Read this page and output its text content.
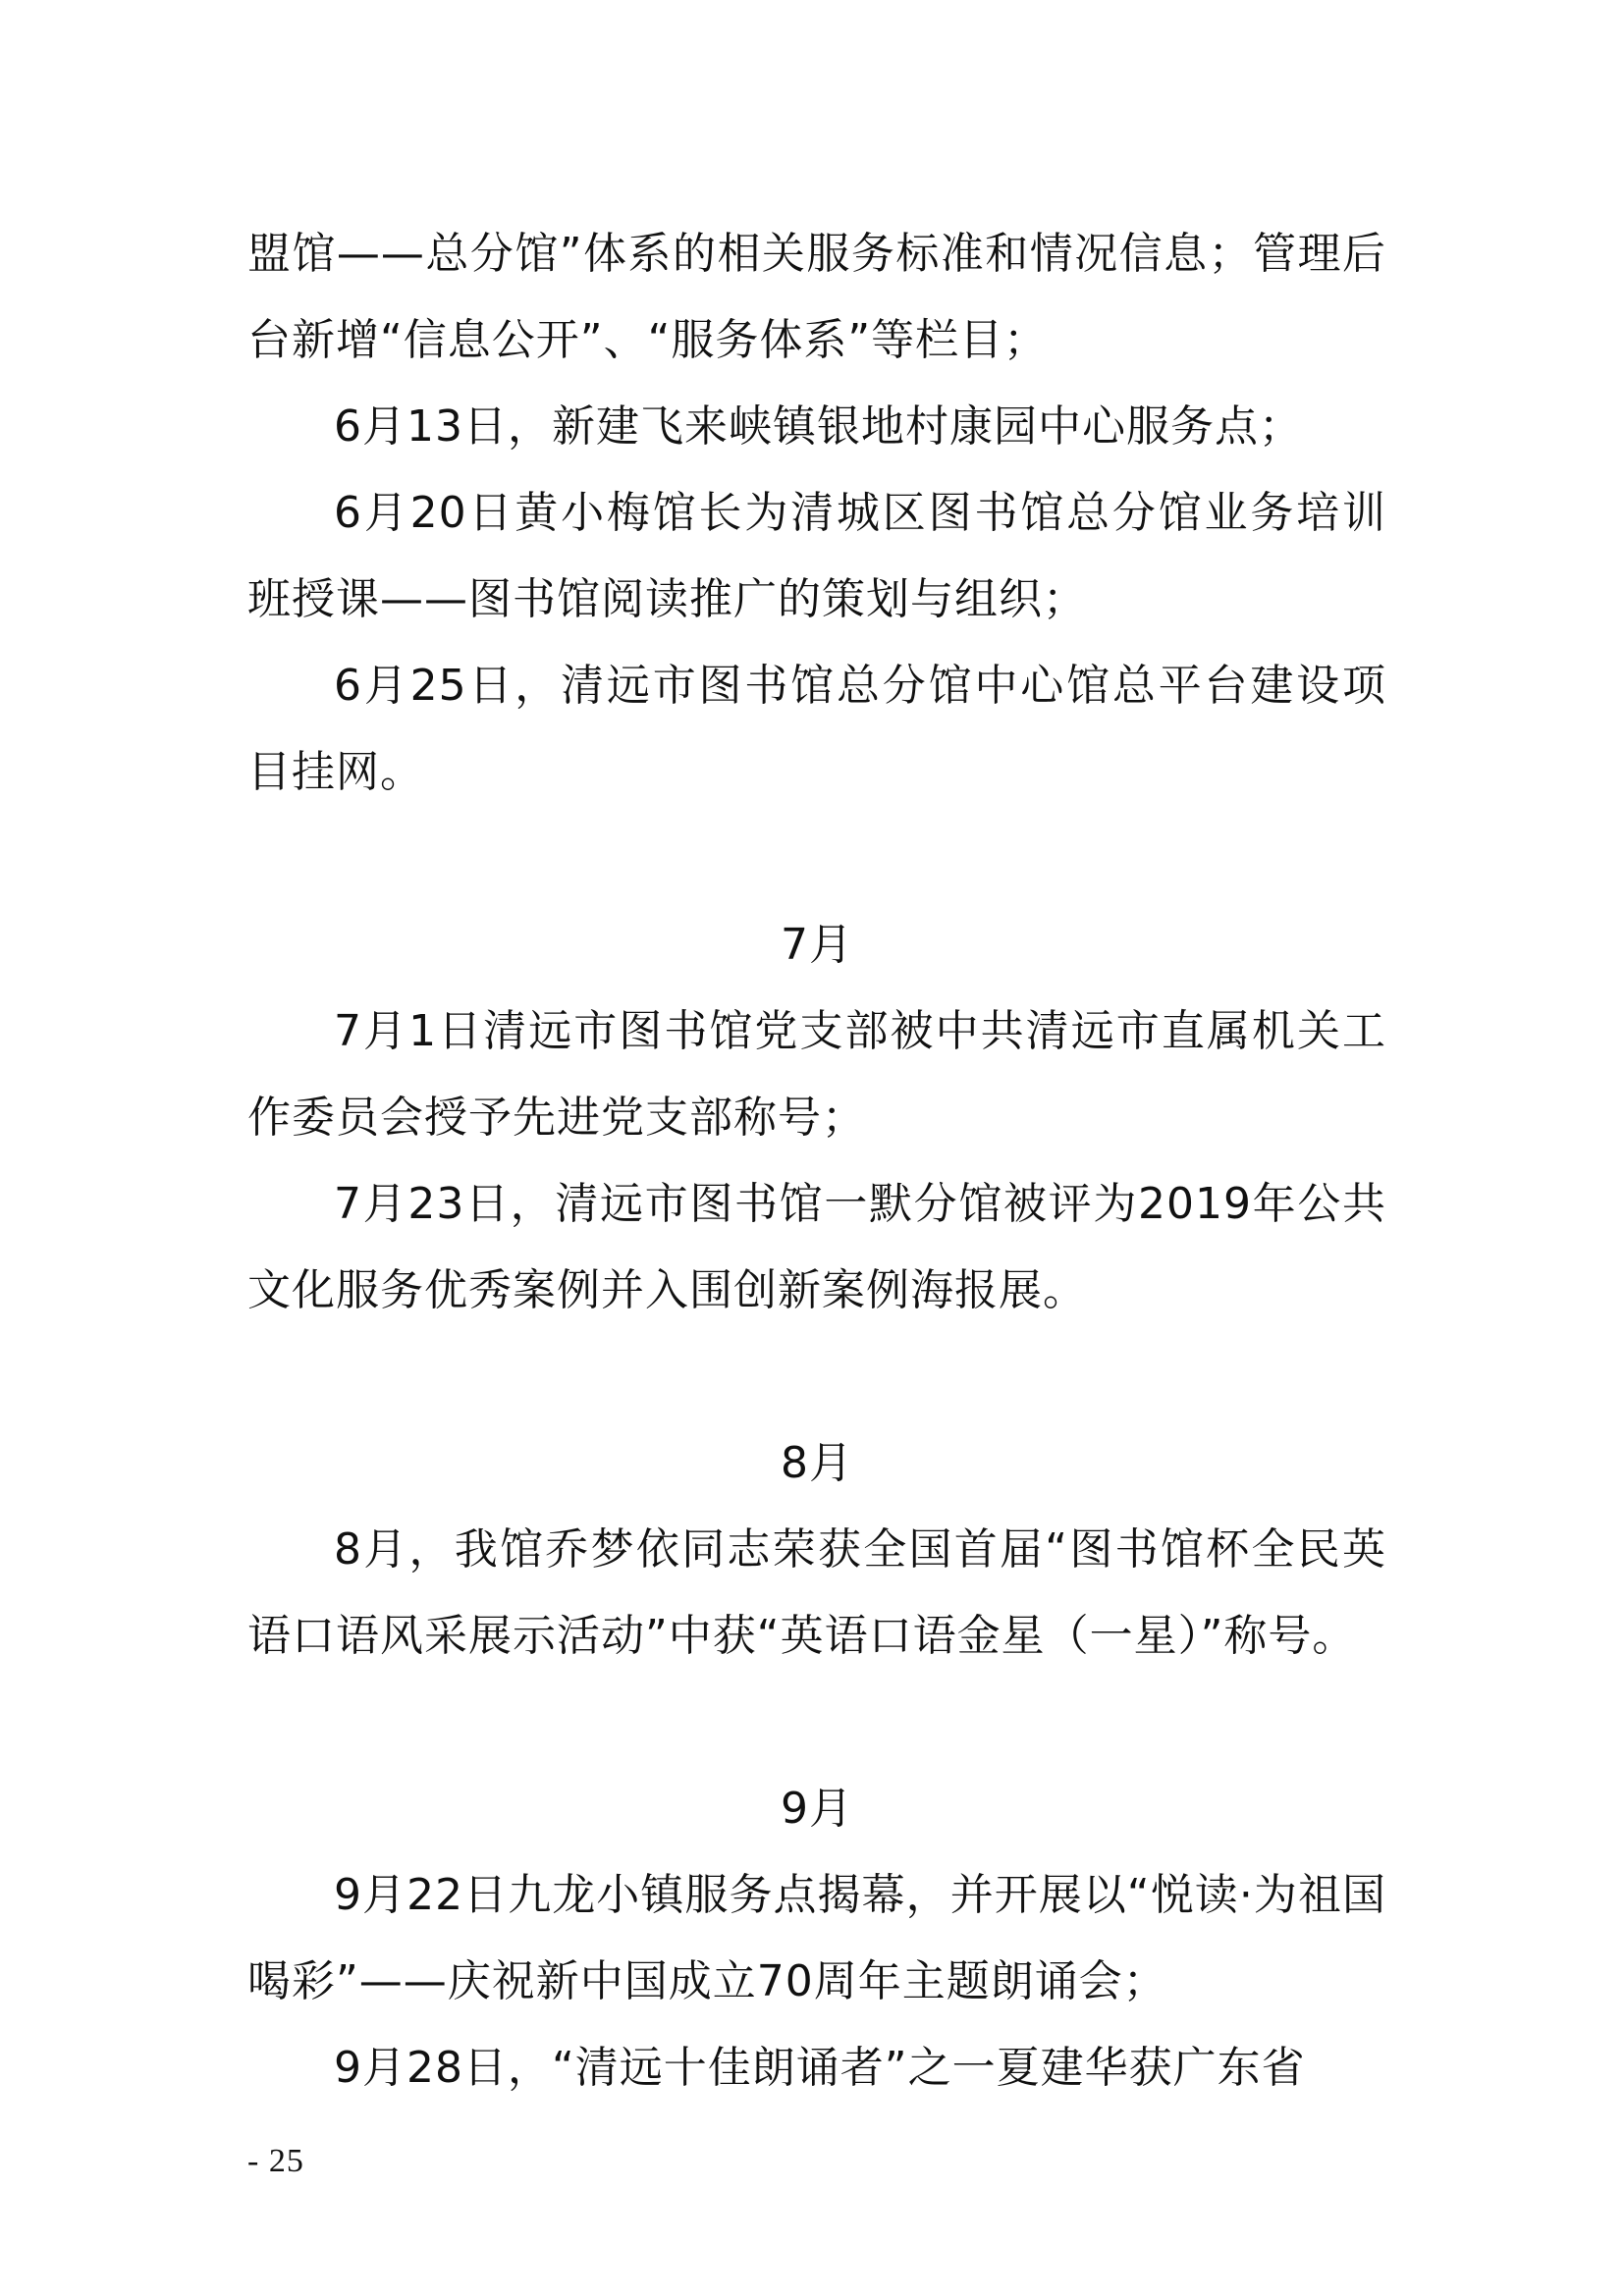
盟馆——总分馆”体系的相关服务标准和情况信息；管理后台新增“信息公开”、“服务体系”等栏目；

6月13日，新建飞来峡镇银地村康园中心服务点；

6月20日黄小梅馆长为清城区图书馆总分馆业务培训班授课——图书馆阅读推广的策划与组织；

6月25日，清远市图书馆总分馆中心馆总平台建设项目挂网。

7月

7月1日清远市图书馆党支部被中共清远市直属机关工作委员会授予先进党支部称号；

7月23日，清远市图书馆一默分馆被评为2019年公共文化服务优秀案例并入围创新案例海报展。

8月

8月，我馆乔梦依同志荣获全国首届“图书馆杯全民英语口语风采展示活动”中获“英语口语金星（一星）”称号。

9月

9月22日九龙小镇服务点揭幕，并开展以“悦读·为祖国喝彩”——庆祝新中国成立70周年主题朗诵会；

9月28日，“清远十佳朗诵者”之一夏建华获广东省

- 25
